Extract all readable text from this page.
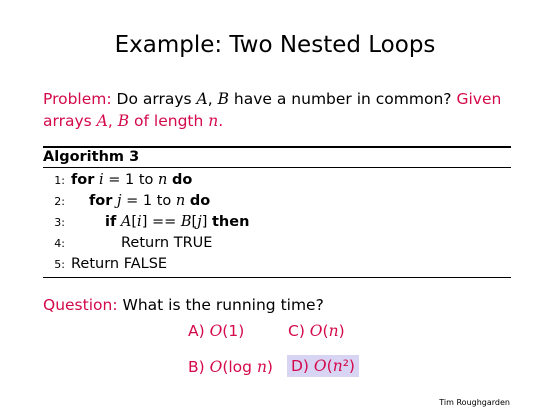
Example: Two Nested Loops
Problem: Do arrays A, B have a number in common? Given arrays A, B of length n.
Algorithm 3
1: for i = 1 to n do
2: for j = 1 to n do
3:	if A[i] == B[j] then
4:	Return TRUE
5: Return FALSE
Question: What is the running time?
A) O(1)	C) O(n)
B) O(log n) D) O(n²)
Tim Roughgarden
